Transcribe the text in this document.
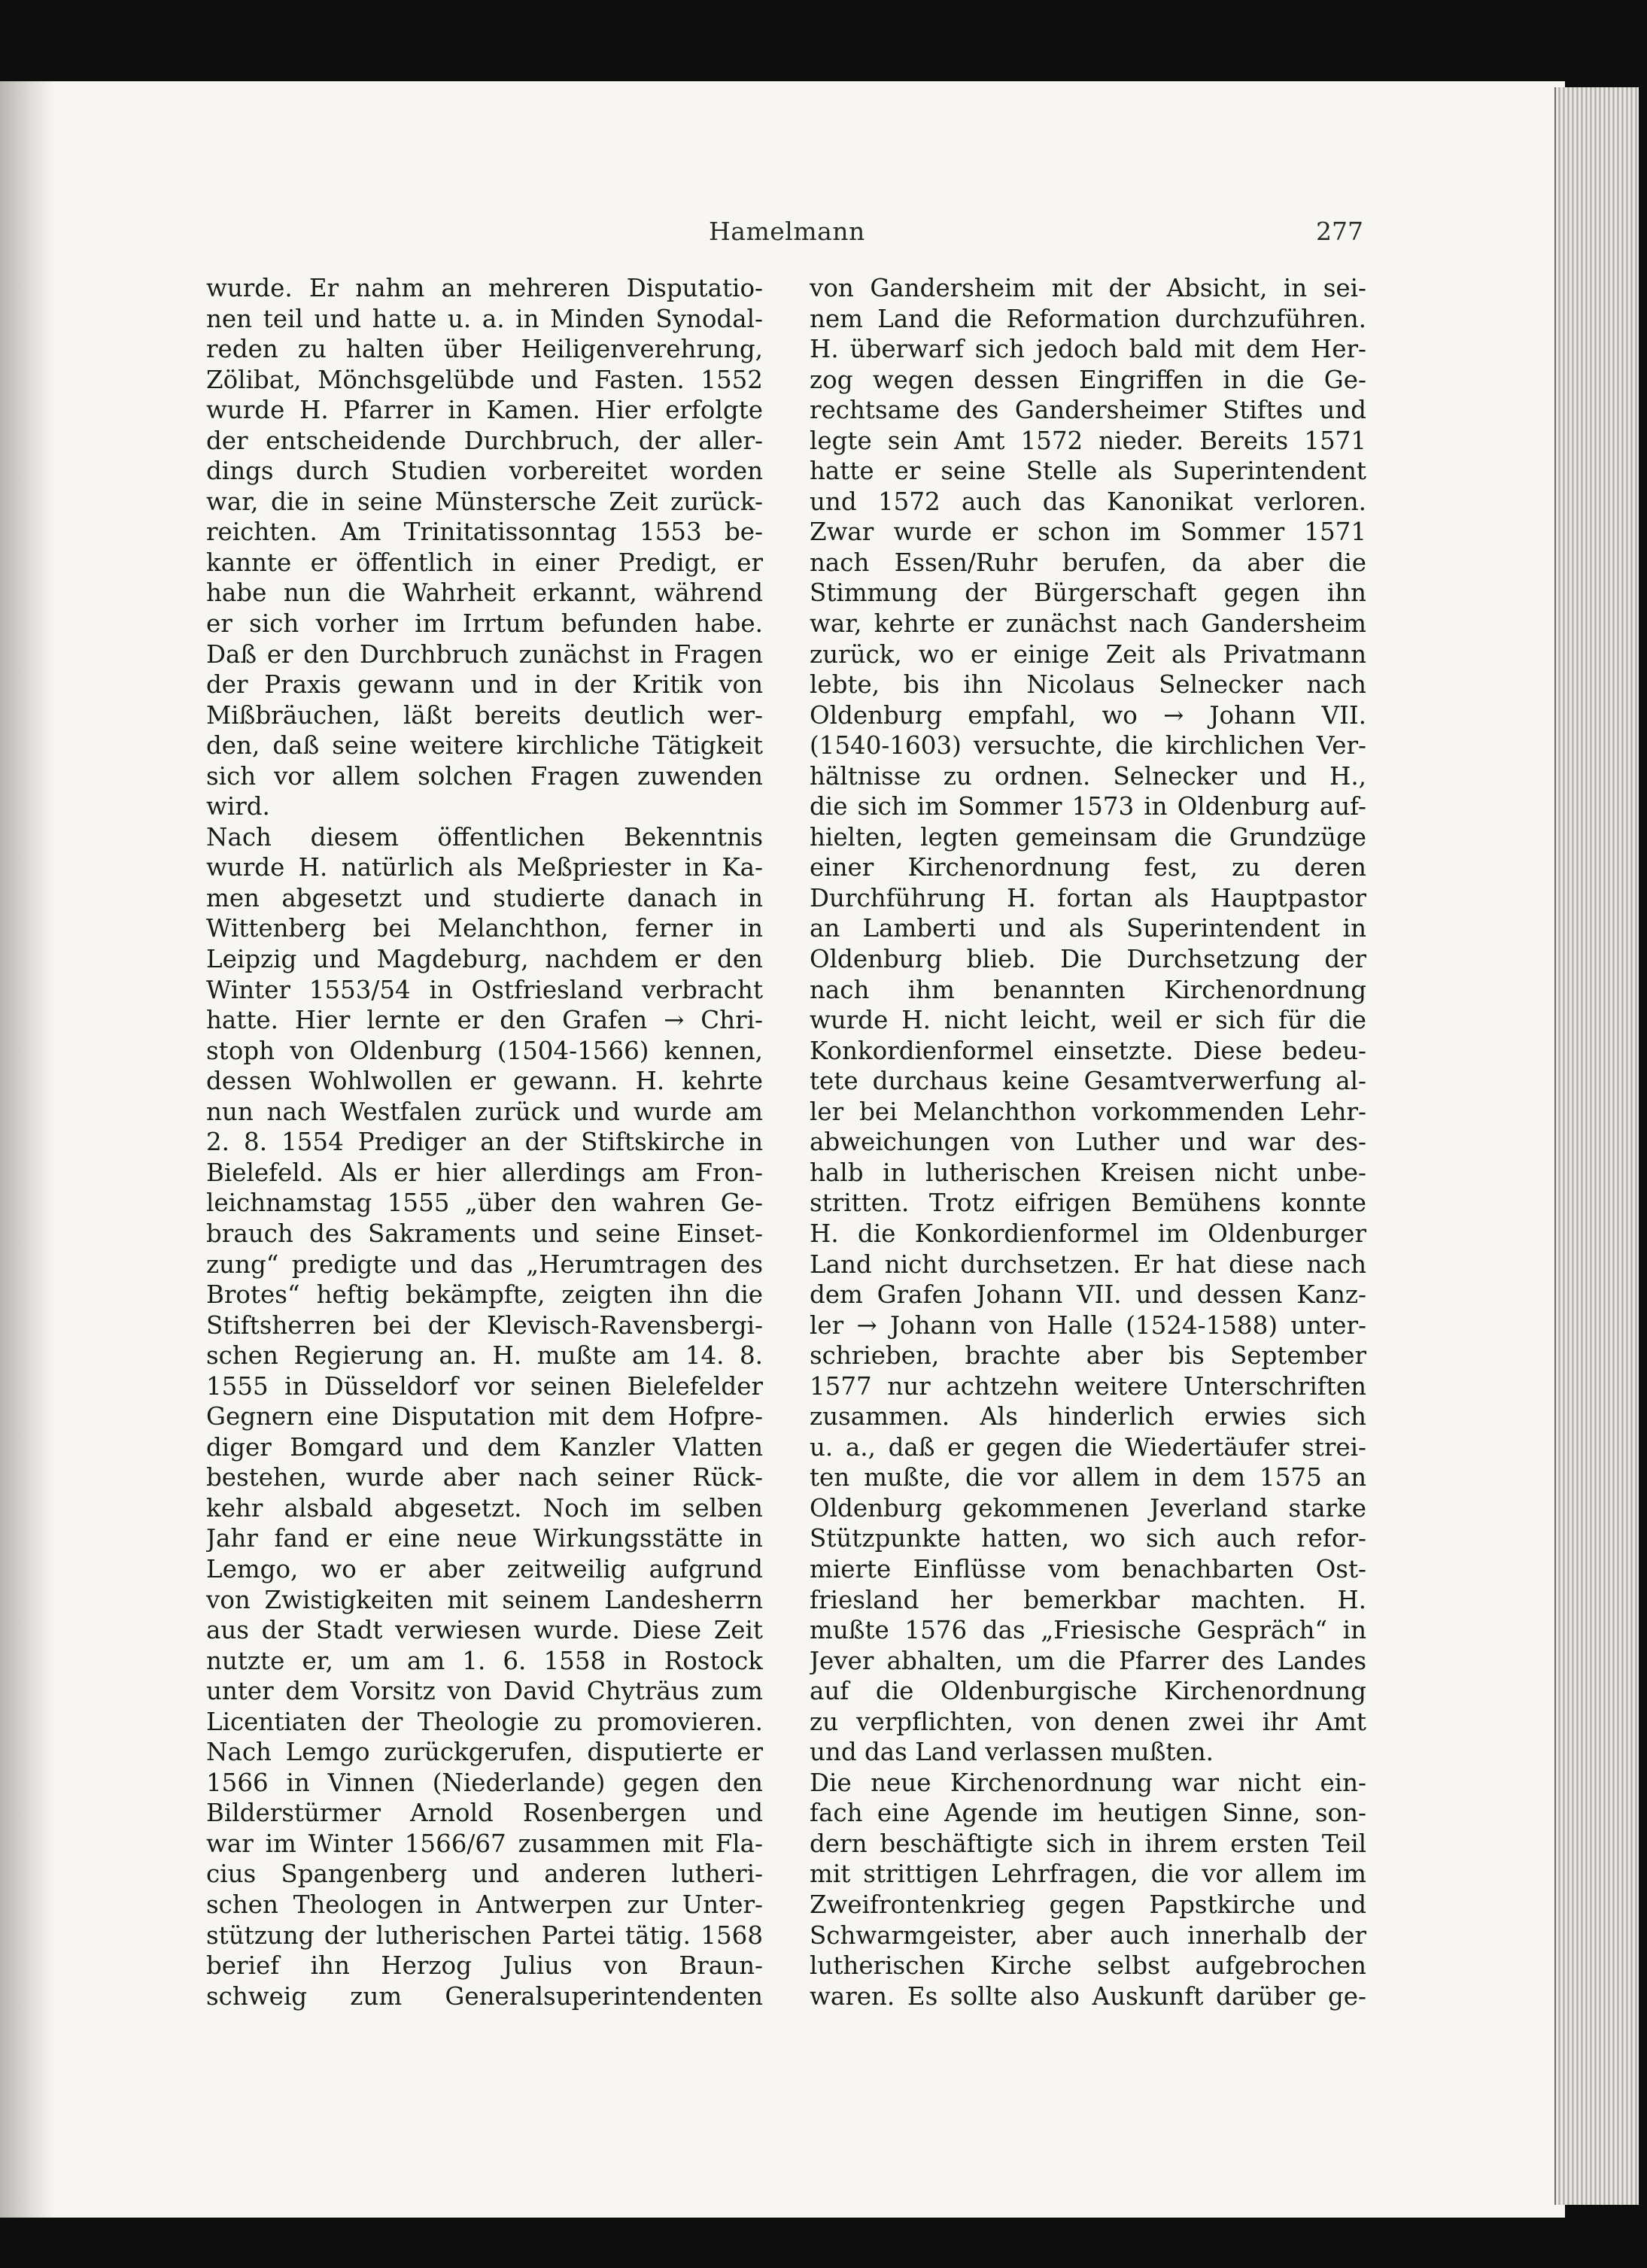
Hamelmann	277
wurde. Er nahm an mehreren Disputatio-
nen teil und hatte u. a. in Minden Synodal-
reden zu halten über Heiligenverehrung,
Zölibat, Mönchsgelübde und Fasten. 1552
wurde H. Pfarrer in Kamen. Hier erfolgte
der entscheidende Durchbruch, der aller-
dings durch Studien vorbereitet worden
war, die in seine Münstersche Zeit zurück-
reichten. Am Trinitatissonntag 1553 be-
kannte er öffentlich in einer Predigt, er
habe nun die Wahrheit erkannt, während
er sich vorher im Irrtum befunden habe.
Daß er den Durchbruch zunächst in Fragen
der Praxis gewann und in der Kritik von
Mißbräuchen, läßt bereits deutlich wer-
den, daß seine weitere kirchliche Tätigkeit
sich vor allem solchen Fragen zuwenden
wird.
Nach diesem öffentlichen Bekenntnis
wurde H. natürlich als Meßpriester in Ka-
men abgesetzt und studierte danach in
Wittenberg bei Melanchthon, ferner in
Leipzig und Magdeburg, nachdem er den
Winter 1553/54 in Ostfriesland verbracht
hatte. Hier lernte er den Grafen → Chri-
stoph von Oldenburg (1504-1566) kennen,
dessen Wohlwollen er gewann. H. kehrte
nun nach Westfalen zurück und wurde am
2. 8. 1554 Prediger an der Stiftskirche in
Bielefeld. Als er hier allerdings am Fron-
leichnamstag 1555 „über den wahren Ge-
brauch des Sakraments und seine Einset-
zung“ predigte und das „Herumtragen des
Brotes“ heftig bekämpfte, zeigten ihn die
Stiftsherren bei der Klevisch-Ravensbergi-
schen Regierung an. H. mußte am 14. 8.
1555 in Düsseldorf vor seinen Bielefelder
Gegnern eine Disputation mit dem Hofpre-
diger Bomgard und dem Kanzler Vlatten
bestehen, wurde aber nach seiner Rück-
kehr alsbald abgesetzt. Noch im selben
Jahr fand er eine neue Wirkungsstätte in
Lemgo, wo er aber zeitweilig aufgrund
von Zwistigkeiten mit seinem Landesherrn
aus der Stadt verwiesen wurde. Diese Zeit
nutzte er, um am 1. 6. 1558 in Rostock
unter dem Vorsitz von David Chyträus zum
Licentiaten der Theologie zu promovieren.
Nach Lemgo zurückgerufen, disputierte er
1566 in Vinnen (Niederlande) gegen den
Bilderstürmer Arnold Rosenbergen und
war im Winter 1566/67 zusammen mit Fla-
cius Spangenberg und anderen lutheri-
schen Theologen in Antwerpen zur Unter-
stützung der lutherischen Partei tätig. 1568
berief ihn Herzog Julius von Braun-
schweig zum Generalsuperintendenten
von Gandersheim mit der Absicht, in sei-
nem Land die Reformation durchzuführen.
H. überwarf sich jedoch bald mit dem Her-
zog wegen dessen Eingriffen in die Ge-
rechtsame des Gandersheimer Stiftes und
legte sein Amt 1572 nieder. Bereits 1571
hatte er seine Stelle als Superintendent
und 1572 auch das Kanonikat verloren.
Zwar wurde er schon im Sommer 1571
nach Essen/Ruhr berufen, da aber die
Stimmung der Bürgerschaft gegen ihn
war, kehrte er zunächst nach Gandersheim
zurück, wo er einige Zeit als Privatmann
lebte, bis ihn Nicolaus Selnecker nach
Oldenburg empfahl, wo → Johann VII.
(1540-1603) versuchte, die kirchlichen Ver-
hältnisse zu ordnen. Selnecker und H.,
die sich im Sommer 1573 in Oldenburg auf-
hielten, legten gemeinsam die Grundzüge
einer Kirchenordnung fest, zu deren
Durchführung H. fortan als Hauptpastor
an Lamberti und als Superintendent in
Oldenburg blieb. Die Durchsetzung der
nach ihm benannten Kirchenordnung
wurde H. nicht leicht, weil er sich für die
Konkordienformel einsetzte. Diese bedeu-
tete durchaus keine Gesamtverwerfung al-
ler bei Melanchthon vorkommenden Lehr-
abweichungen von Luther und war des-
halb in lutherischen Kreisen nicht unbe-
stritten. Trotz eifrigen Bemühens konnte
H. die Konkordienformel im Oldenburger
Land nicht durchsetzen. Er hat diese nach
dem Grafen Johann VII. und dessen Kanz-
ler → Johann von Halle (1524-1588) unter-
schrieben, brachte aber bis September
1577 nur achtzehn weitere Unterschriften
zusammen. Als hinderlich erwies sich
u. a., daß er gegen die Wiedertäufer strei-
ten mußte, die vor allem in dem 1575 an
Oldenburg gekommenen Jeverland starke
Stützpunkte hatten, wo sich auch refor-
mierte Einflüsse vom benachbarten Ost-
friesland her bemerkbar machten. H.
mußte 1576 das „Friesische Gespräch“ in
Jever abhalten, um die Pfarrer des Landes
auf die Oldenburgische Kirchenordnung
zu verpflichten, von denen zwei ihr Amt
und das Land verlassen mußten.
Die neue Kirchenordnung war nicht ein-
fach eine Agende im heutigen Sinne, son-
dern beschäftigte sich in ihrem ersten Teil
mit strittigen Lehrfragen, die vor allem im
Zweifrontenkrieg gegen Papstkirche und
Schwarmgeister, aber auch innerhalb der
lutherischen Kirche selbst aufgebrochen
waren. Es sollte also Auskunft darüber ge-
